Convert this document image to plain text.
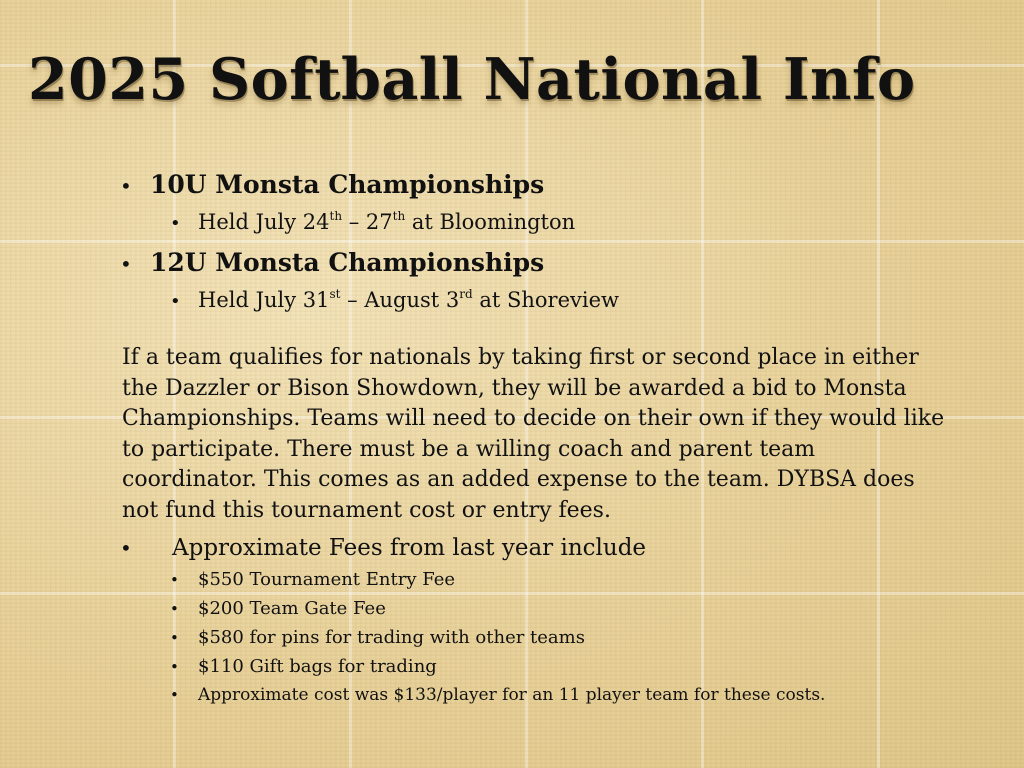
2025 Softball National Info
• 10U Monsta Championships
• Held July 24th – 27th at Bloomington
• 12U Monsta Championships
• Held July 31st – August 3rd at Shoreview

If a team qualifies for nationals by taking first or second place in either the Dazzler or Bison Showdown, they will be awarded a bid to Monsta Championships. Teams will need to decide on their own if they would like to participate. There must be a willing coach and parent team coordinator. This comes as an added expense to the team. DYBSA does not fund this tournament cost or entry fees.

• Approximate Fees from last year include
• $550 Tournament Entry Fee
• $200 Team Gate Fee
• $580 for pins for trading with other teams
• $110 Gift bags for trading
• Approximate cost was $133/player for an 11 player team for these costs.
